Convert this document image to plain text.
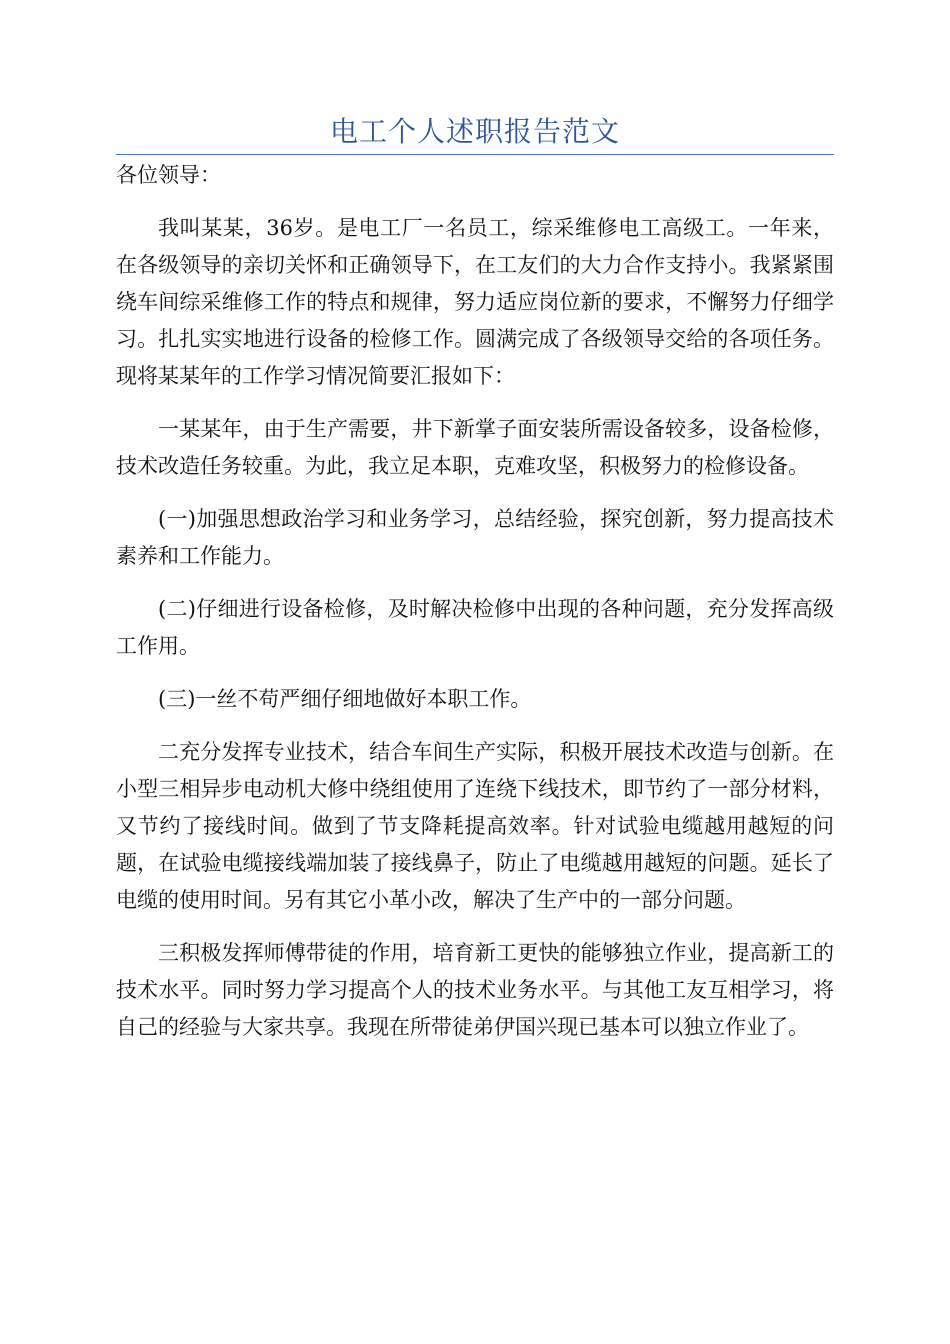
电工个人述职报告范文

各位领导：

我叫某某，36岁。是电工厂一名员工，综采维修电工高级工。一年来，在各级领导的亲切关怀和正确领导下，在工友们的大力合作支持小。我紧紧围绕车间综采维修工作的特点和规律，努力适应岗位新的要求，不懈努力仔细学习。扎扎实实地进行设备的检修工作。圆满完成了各级领导交给的各项任务。现将某某年的工作学习情况简要汇报如下：

一某某年，由于生产需要，井下新掌子面安装所需设备较多，设备检修，技术改造任务较重。为此，我立足本职，克难攻坚，积极努力的检修设备。

(一)加强思想政治学习和业务学习，总结经验，探究创新，努力提高技术素养和工作能力。

(二)仔细进行设备检修，及时解决检修中出现的各种问题，充分发挥高级工作用。

(三)一丝不苟严细仔细地做好本职工作。

二充分发挥专业技术，结合车间生产实际，积极开展技术改造与创新。在小型三相异步电动机大修中绕组使用了连绕下线技术，即节约了一部分材料，又节约了接线时间。做到了节支降耗提高效率。针对试验电缆越用越短的问题，在试验电缆接线端加装了接线鼻子，防止了电缆越用越短的问题。延长了电缆的使用时间。另有其它小革小改，解决了生产中的一部分问题。

三积极发挥师傅带徒的作用，培育新工更快的能够独立作业，提高新工的技术水平。同时努力学习提高个人的技术业务水平。与其他工友互相学习，将自己的经验与大家共享。我现在所带徒弟伊国兴现已基本可以独立作业了。
